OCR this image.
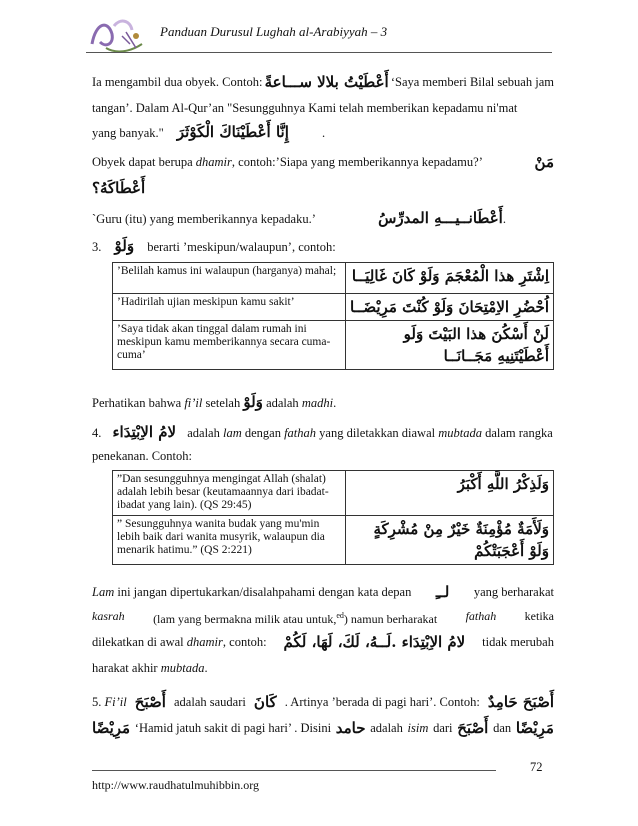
Panduan Durusul Lughah al-Arabiyyah – 3
Ia mengambil dua obyek. Contoh: أَعْطَيْتُ بلالا ســـاعةً ‘Saya memberi Bilal sebuah jam
tangan’. Dalam Al-Qur’an "Sesungguhnya Kami telah memberikan kepadamu ni'mat
yang banyak." إِنَّا أَعْطَيْنَاكَ الْكَوْثَرَ	.
Obyek dapat berupa dhamir, contoh:’Siapa yang memberikannya kepadamu?’	مَنْ
أَعْطَاكَهُ؟
`Guru (itu) yang memberikannya kepadaku.’	أَعْطَانــيـــهِ المدرِّسُ.
3. وَلَوْ berarti ’meskipun/walaupun’, contoh:
’Belilah kamus ini walaupun (harganya) mahal;	اِشْتَرِ هذا الْمُعْجَمَ وَلَوْ كَانَ غَالِيَــا
’Hadirilah ujian meskipun kamu sakit’	اُحْضُرِ الاِمْتِحَانَ وَلَوْ كُنْتَ مَرِيْضَــا
’Saya tidak akan tinggal dalam rumah ini meskipun kamu memberikannya secara cuma-cuma’	لَنْ أَسْكُنَ هذا البَيْتَ وَلَو أَعْطَيْتَنِيهِ مَجَــانَــا
Perhatikan bahwa fi’il setelah وَلَوْ adalah madhi.
4. لامُ الاِبْتِدَاء adalah lam dengan fathah yang diletakkan diawal mubtada dalam rangka
penekanan. Contoh:
”Dan sesungguhnya mengingat Allah (shalat) adalah lebih besar (keutamaannya dari ibadat-ibadat yang lain). (QS 29:45)	وَلَذِكْرُ اللَّهِ أَكْبَرُ
” Sesungguhnya wanita budak yang mu'min lebih baik dari wanita musyrik, walaupun dia menarik hatimu.” (QS 2:221)	وَلَأَمَةٌ مُؤْمِنَةٌ خَيْرٌ مِنْ مُشْرِكَةٍ وَلَوْ أَعْجَبَتْكُمْ
Lam ini jangan dipertukarkan/disalahpahami dengan kata depan لــِ yang berharakat
kasrah (lam yang bermakna milik atau untuk,$^{ed}$) namun berharakat fathah ketika
dilekatkan di awal dhamir, contoh: لامُ الاِبْتِدَاء .لَــهُ، لَكَ، لَهَا، لَكُمْ tidak merubah
harakat akhir mubtada.
5. Fi’il أَصْبَحَ adalah saudari كَانَ . Artinya ’berada di pagi hari’. Contoh: أَصْبَحَ حَامِدٌ
مَرِيْضًا ‘Hamid jatuh sakit di pagi hari’ . Disini حامد adalah isim dari أَصْبَحَ dan مَرِيْضًا
72
http://www.raudhatulmuhibbin.org
